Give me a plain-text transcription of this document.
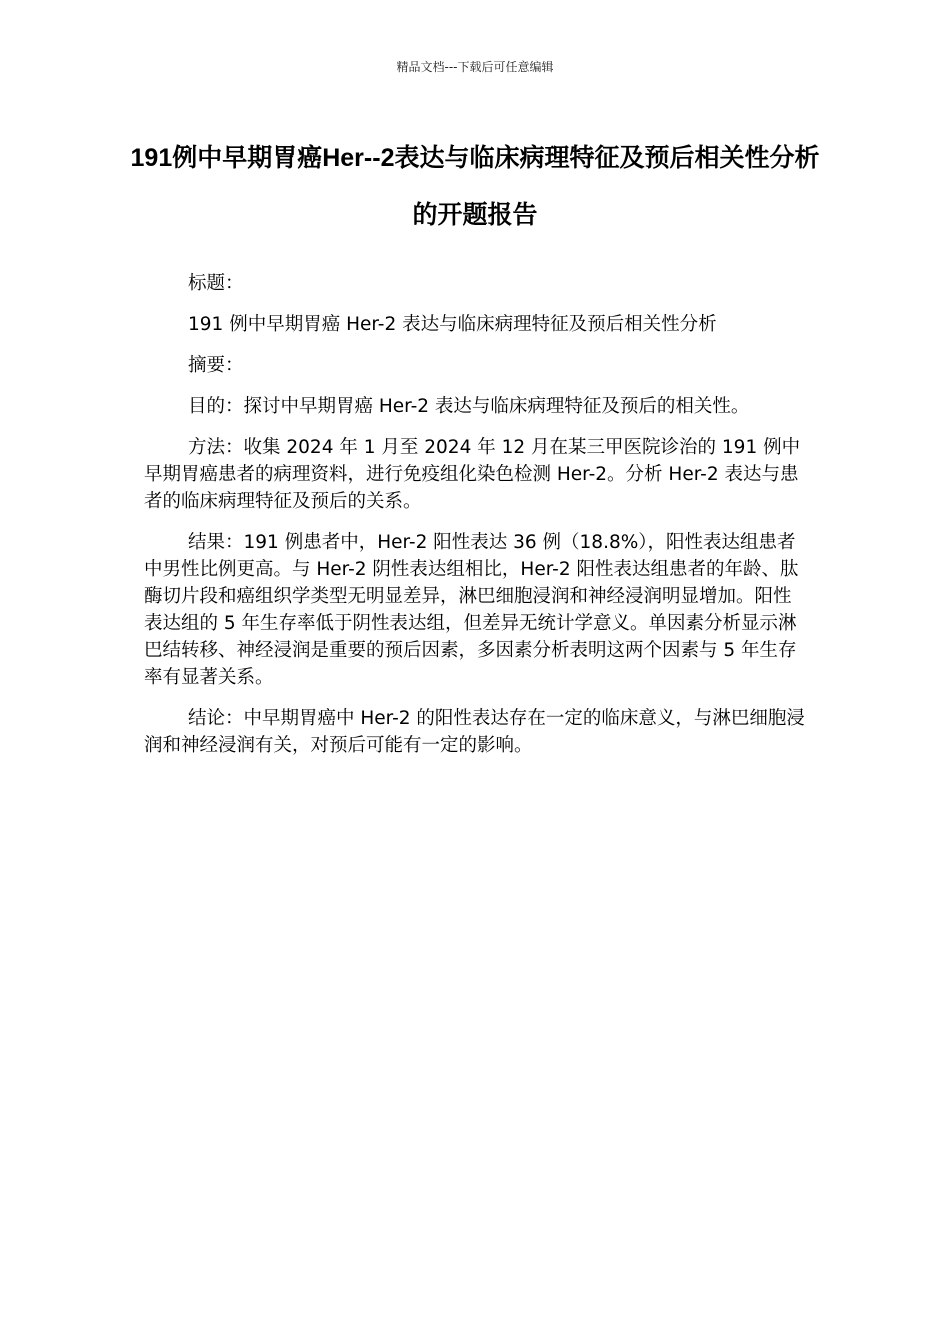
精品文档---下载后可任意编辑
191例中早期胃癌Her--2表达与临床病理特征及预后相关性分析的开题报告

标题：

191 例中早期胃癌 Her-2 表达与临床病理特征及预后相关性分析

摘要：

目的：探讨中早期胃癌 Her-2 表达与临床病理特征及预后的相关性。

方法：收集 2024 年 1 月至 2024 年 12 月在某三甲医院诊治的 191 例中早期胃癌患者的病理资料，进行免疫组化染色检测 Her-2。分析 Her-2 表达与患者的临床病理特征及预后的关系。

结果：191 例患者中，Her-2 阳性表达 36 例（18.8%），阳性表达组患者中男性比例更高。与 Her-2 阴性表达组相比，Her-2 阳性表达组患者的年龄、肽酶切片段和癌组织学类型无明显差异，淋巴细胞浸润和神经浸润明显增加。阳性表达组的 5 年生存率低于阴性表达组，但差异无统计学意义。单因素分析显示淋巴结转移、神经浸润是重要的预后因素，多因素分析表明这两个因素与 5 年生存率有显著关系。

结论：中早期胃癌中 Her-2 的阳性表达存在一定的临床意义，与淋巴细胞浸润和神经浸润有关，对预后可能有一定的影响。
